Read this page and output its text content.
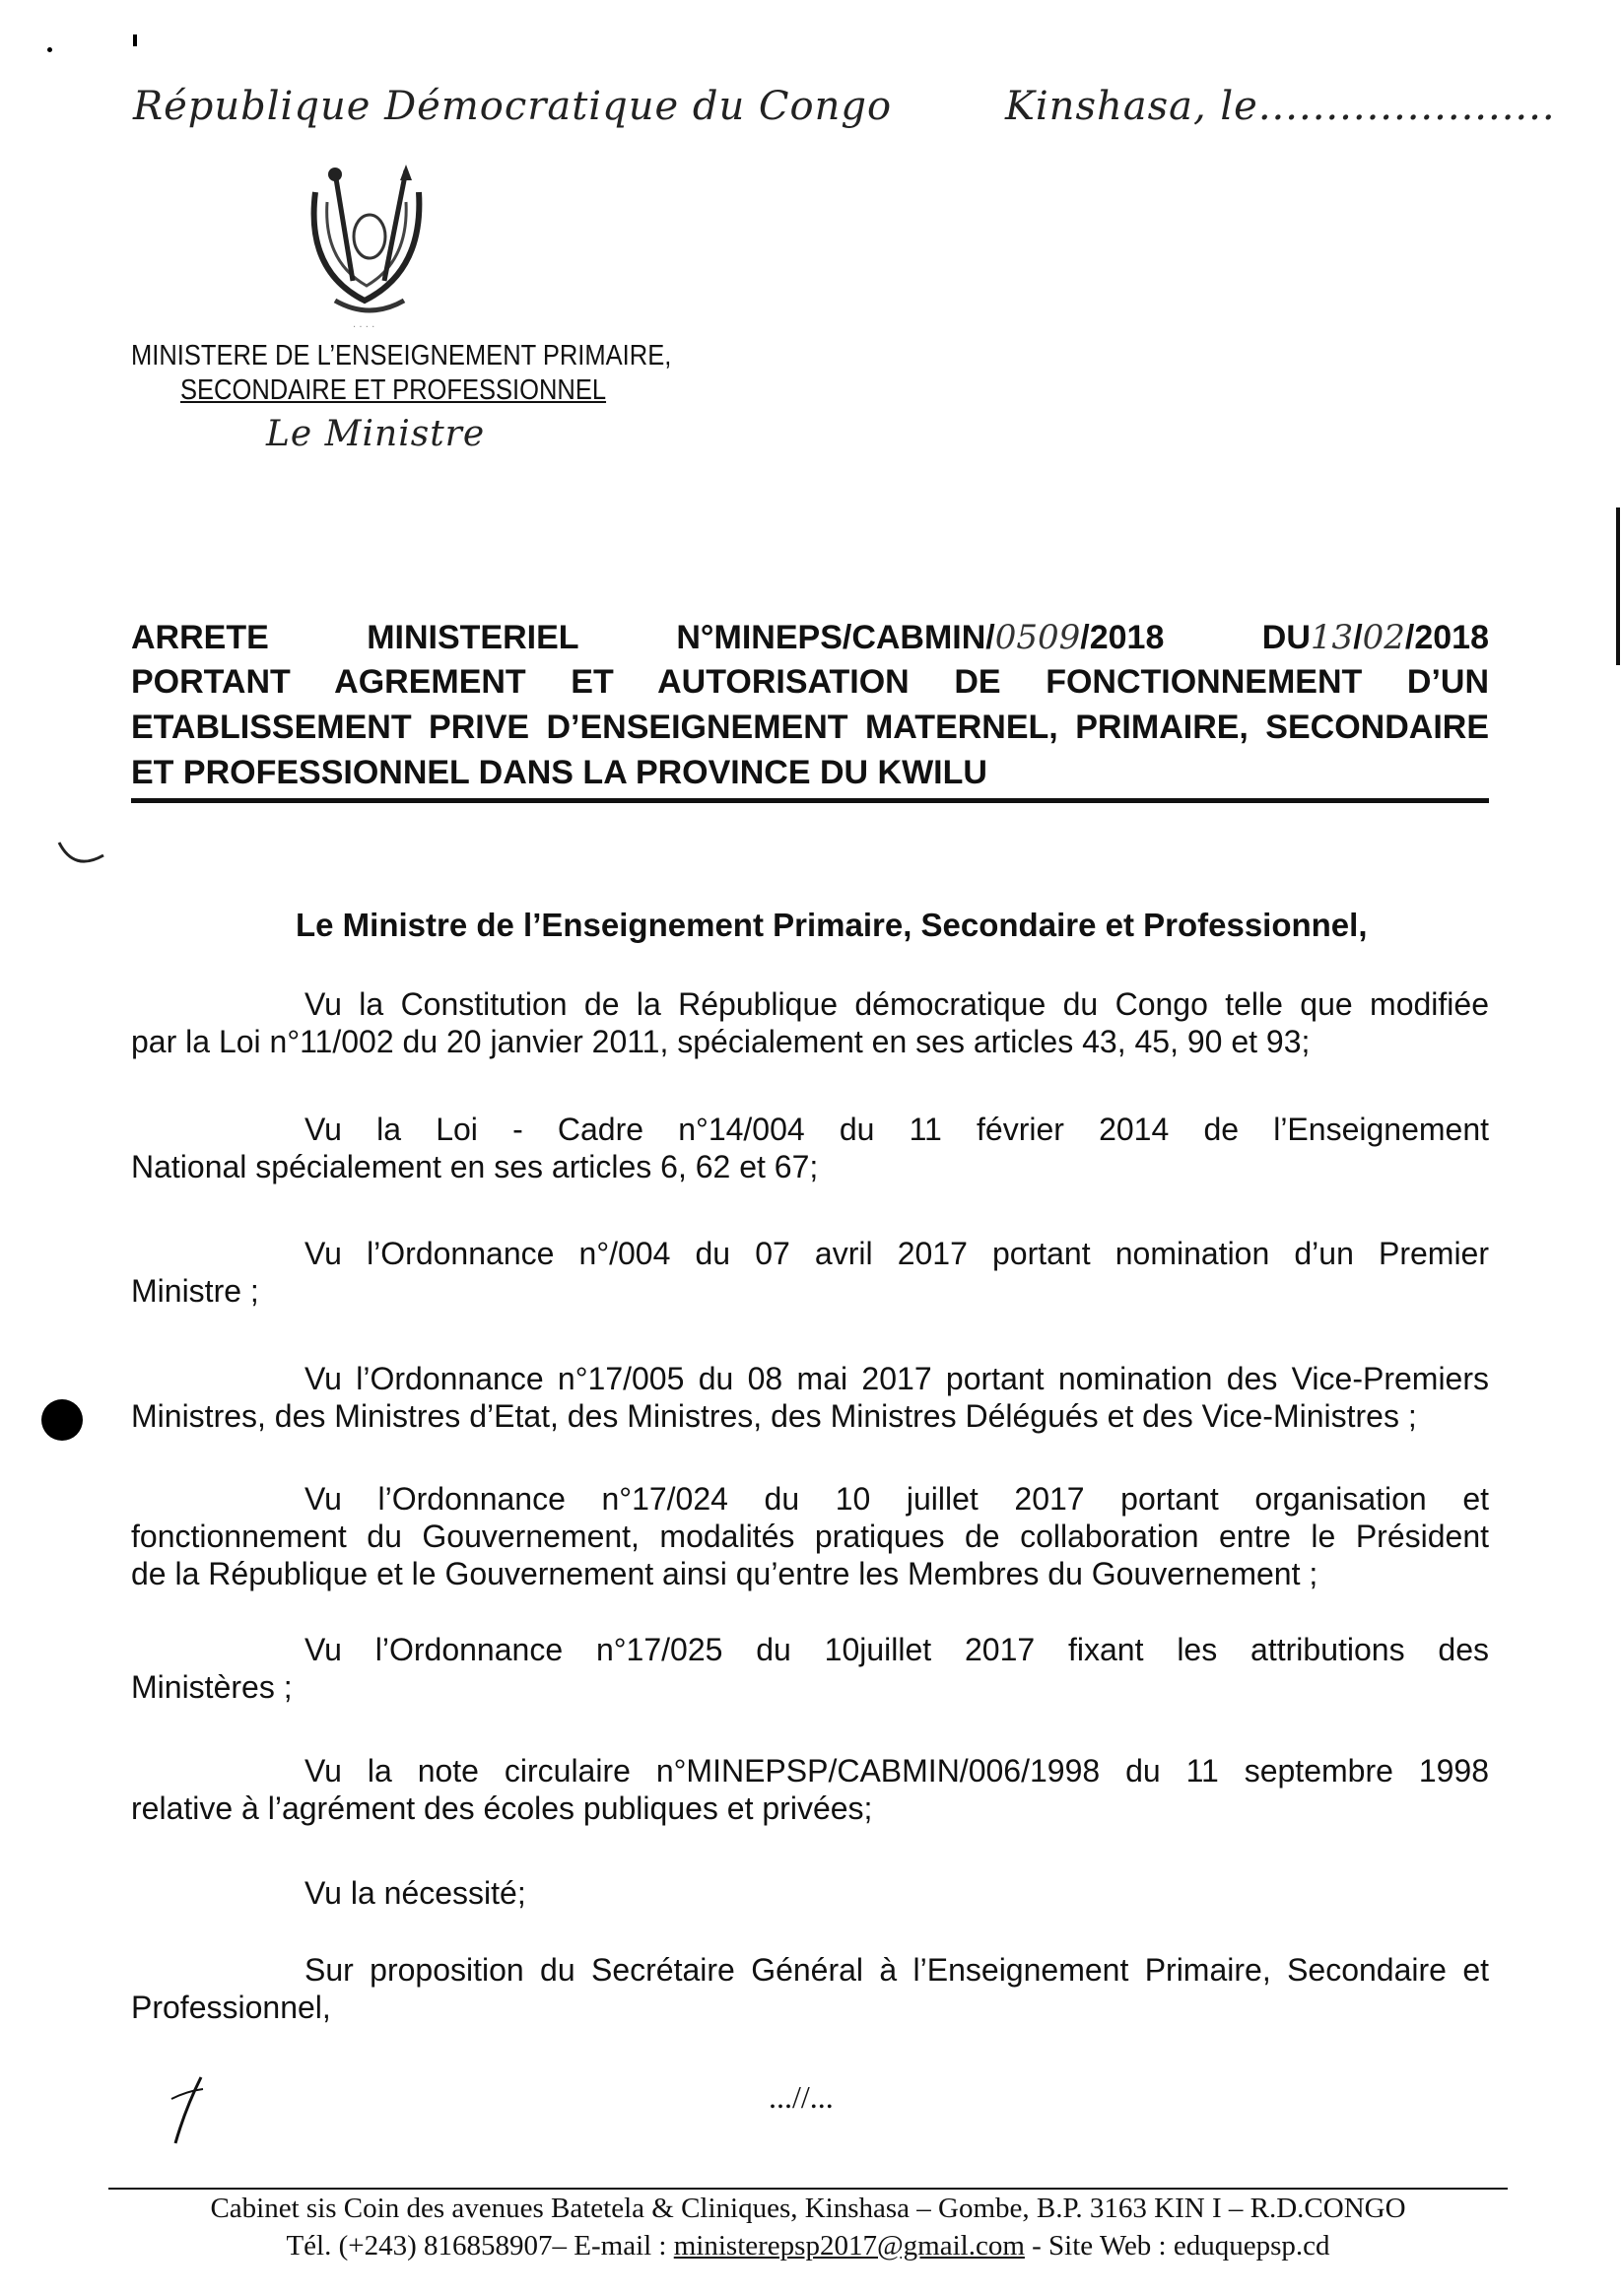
République Démocratique du Congo	Kinshasa, le......................
· · · ·
MINISTERE DE L’ENSEIGNEMENT PRIMAIRE,
SECONDAIRE ET PROFESSIONNEL
Le Ministre
ARRETE MINISTERIEL N°MINEPS/CABMIN/0509/2018 DU13/02/2018
PORTANT AGREMENT ET AUTORISATION DE FONCTIONNEMENT D’UN
ETABLISSEMENT PRIVE D’ENSEIGNEMENT MATERNEL, PRIMAIRE, SECONDAIRE
ET PROFESSIONNEL DANS LA PROVINCE DU KWILU
Le Ministre de l’Enseignement Primaire, Secondaire et Professionnel,
Vu la Constitution de la République démocratique du Congo telle que modifiée
par la Loi n°11/002 du 20 janvier 2011, spécialement en ses articles 43, 45, 90 et 93;
Vu la Loi - Cadre n°14/004 du 11 février 2014 de l’Enseignement
National spécialement en ses articles 6, 62 et 67;
Vu l’Ordonnance n°/004 du 07 avril 2017 portant nomination d’un Premier
Ministre ;
Vu l’Ordonnance n°17/005 du 08 mai 2017 portant nomination des Vice-Premiers
Ministres, des Ministres d’Etat, des Ministres, des Ministres Délégués et des Vice-Ministres ;
Vu l’Ordonnance n°17/024 du 10 juillet 2017 portant organisation et
fonctionnement du Gouvernement, modalités pratiques de collaboration entre le Président
de la République et le Gouvernement ainsi qu’entre les Membres du Gouvernement ;
Vu l’Ordonnance n°17/025 du 10juillet 2017 fixant les attributions des
Ministères ;
Vu la note circulaire n°MINEPSP/CABMIN/006/1998 du 11 septembre 1998
relative à l’agrément des écoles publiques et privées;
Vu la nécessité;
Sur proposition du Secrétaire Général à l’Enseignement Primaire, Secondaire et
Professionnel,
...//...
Cabinet sis Coin des avenues Batetela & Cliniques, Kinshasa – Gombe, B.P. 3163 KIN I – R.D.CONGO
Tél. (+243) 816858907– E-mail : ministerepsp2017@gmail.com - Site Web : eduquepsp.cd
